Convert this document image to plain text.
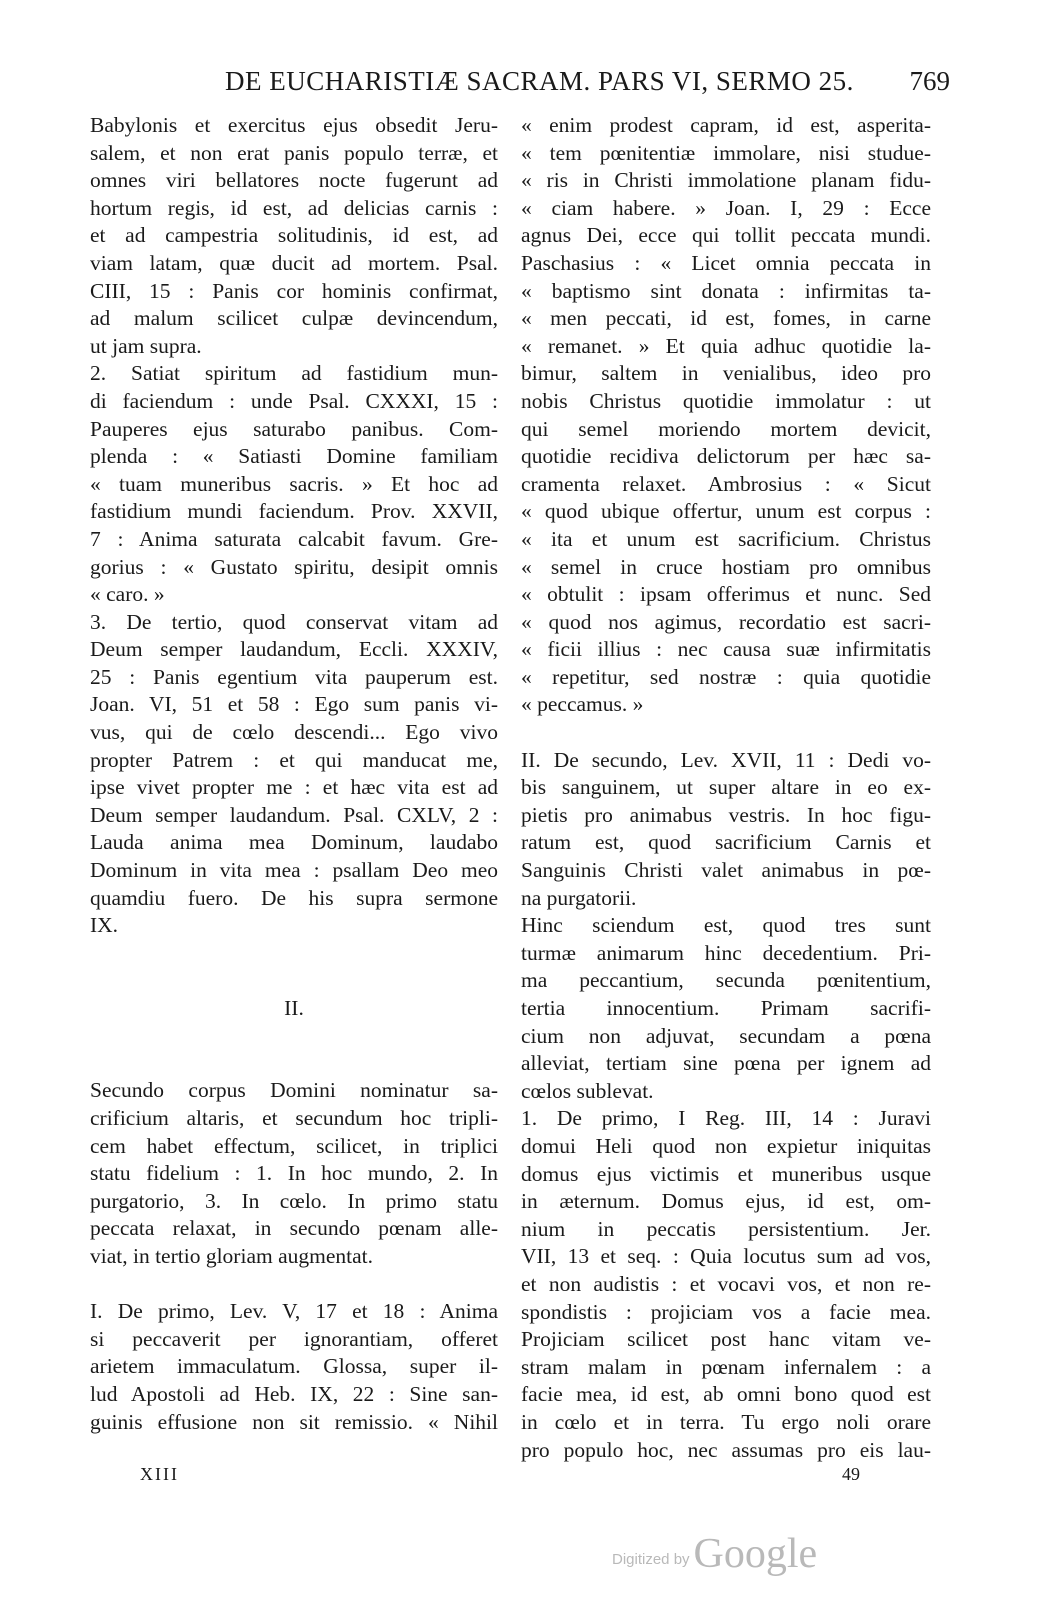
DE EUCHARISTIÆ SACRAM. PARS VI, SERMO 25. 769
Babylonis et exercitus ejus obsedit Jeru-
salem, et non erat panis populo terræ, et
omnes viri bellatores nocte fugerunt ad
hortum regis, id est, ad delicias carnis :
et ad campestria solitudinis, id est, ad
viam latam, quæ ducit ad mortem. Psal.
CIII, 15 : Panis cor hominis confirmat,
ad malum scilicet culpæ devincendum,
ut jam supra.
2. Satiat spiritum ad fastidium mun-
di faciendum : unde Psal. CXXXI, 15 :
Pauperes ejus saturabo panibus. Com-
plenda : « Satiasti Domine familiam
« tuam muneribus sacris. » Et hoc ad
fastidium mundi faciendum. Prov. XXVII,
7 : Anima saturata calcabit favum. Gre-
gorius : « Gustato spiritu, desipit omnis
« caro. »
3. De tertio, quod conservat vitam ad
Deum semper laudandum, Eccli. XXXIV,
25 : Panis egentium vita pauperum est.
Joan. VI, 51 et 58 : Ego sum panis vi-
vus, qui de cœlo descendi... Ego vivo
propter Patrem : et qui manducat me,
ipse vivet propter me : et hæc vita est ad
Deum semper laudandum. Psal. CXLV, 2 :
Lauda anima mea Dominum, laudabo
Dominum in vita mea : psallam Deo meo
quamdiu fuero. De his supra sermone
IX.
II.
Secundo corpus Domini nominatur sa-
crificium altaris, et secundum hoc tripli-
cem habet effectum, scilicet, in triplici
statu fidelium : 1. In hoc mundo, 2. In
purgatorio, 3. In cœlo. In primo statu
peccata relaxat, in secundo pœnam alle-
viat, in tertio gloriam augmentat.
I. De primo, Lev. V, 17 et 18 : Anima
si peccaverit per ignorantiam, offeret
arietem immaculatum. Glossa, super il-
lud Apostoli ad Heb. IX, 22 : Sine san-
guinis effusione non sit remissio. « Nihil
« enim prodest capram, id est, asperita-
« tem pœnitentiæ immolare, nisi studue-
« ris in Christi immolatione planam fidu-
« ciam habere. » Joan. I, 29 : Ecce
agnus Dei, ecce qui tollit peccata mundi.
Paschasius : « Licet omnia peccata in
« baptismo sint donata : infirmitas ta-
« men peccati, id est, fomes, in carne
« remanet. » Et quia adhuc quotidie la-
bimur, saltem in venialibus, ideo pro
nobis Christus quotidie immolatur : ut
qui semel moriendo mortem devicit,
quotidie recidiva delictorum per hæc sa-
cramenta relaxet. Ambrosius : « Sicut
« quod ubique offertur, unum est corpus :
« ita et unum est sacrificium. Christus
« semel in cruce hostiam pro omnibus
« obtulit : ipsam offerimus et nunc. Sed
« quod nos agimus, recordatio est sacri-
« ficii illius : nec causa suæ infirmitatis
« repetitur, sed nostræ : quia quotidie
« peccamus. »
II. De secundo, Lev. XVII, 11 : Dedi vo-
bis sanguinem, ut super altare in eo ex-
pietis pro animabus vestris. In hoc figu-
ratum est, quod sacrificium Carnis et
Sanguinis Christi valet animabus in pœ-
na purgatorii.
Hinc sciendum est, quod tres sunt
turmæ animarum hinc decedentium. Pri-
ma peccantium, secunda pœnitentium,
tertia innocentium. Primam sacrifi-
cium non adjuvat, secundam a pœna
alleviat, tertiam sine pœna per ignem ad
cœlos sublevat.
1. De primo, I Reg. III, 14 : Juravi
domui Heli quod non expietur iniquitas
domus ejus victimis et muneribus usque
in æternum. Domus ejus, id est, om-
nium in peccatis persistentium. Jer.
VII, 13 et seq. : Quia locutus sum ad vos,
et non audistis : et vocavi vos, et non re-
spondistis : projiciam vos a facie mea.
Projiciam scilicet post hanc vitam ve-
stram malam in pœnam infernalem : a
facie mea, id est, ab omni bono quod est
in cœlo et in terra. Tu ergo noli orare
pro populo hoc, nec assumas pro eis lau-
XIII	49
Digitized by Google
